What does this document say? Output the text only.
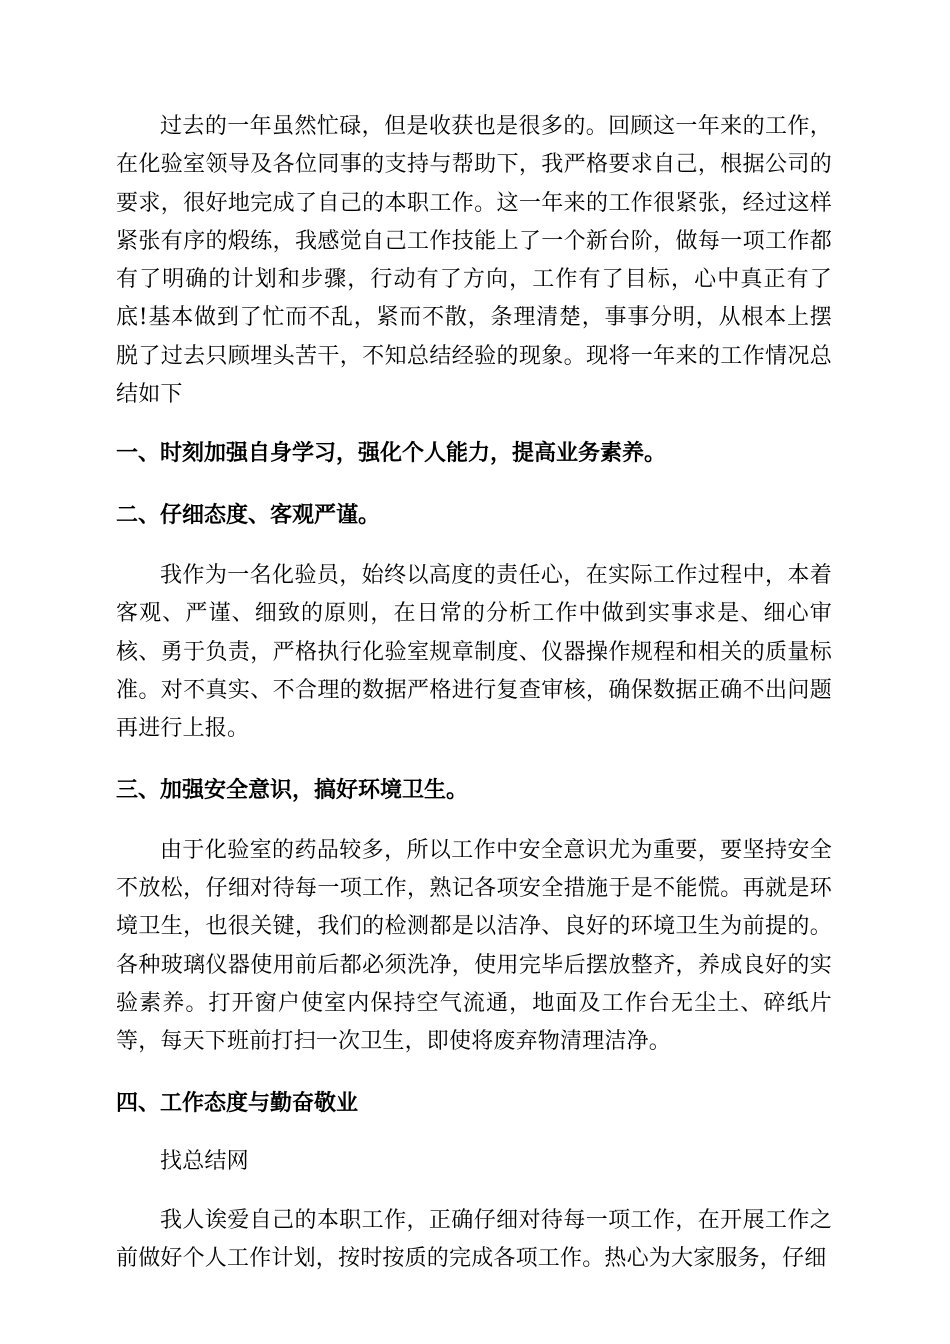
过去的一年虽然忙碌，但是收获也是很多的。回顾这一年来的工作，在化验室领导及各位同事的支持与帮助下，我严格要求自己，根据公司的要求，很好地完成了自己的本职工作。这一年来的工作很紧张，经过这样紧张有序的煅练，我感觉自己工作技能上了一个新台阶，做每一项工作都有了明确的计划和步骤，行动有了方向，工作有了目标，心中真正有了底!基本做到了忙而不乱，紧而不散，条理清楚，事事分明，从根本上摆脱了过去只顾埋头苦干，不知总结经验的现象。现将一年来的工作情况总结如下

一、时刻加强自身学习，强化个人能力，提高业务素养。

二、仔细态度、客观严谨。

我作为一名化验员，始终以高度的责任心，在实际工作过程中，本着客观、严谨、细致的原则，在日常的分析工作中做到实事求是、细心审核、勇于负责，严格执行化验室规章制度、仪器操作规程和相关的质量标准。对不真实、不合理的数据严格进行复查审核，确保数据正确不出问题再进行上报。

三、加强安全意识，搞好环境卫生。

由于化验室的药品较多，所以工作中安全意识尤为重要，要坚持安全不放松，仔细对待每一项工作，熟记各项安全措施于是不能慌。再就是环境卫生，也很关键，我们的检测都是以洁净、良好的环境卫生为前提的。各种玻璃仪器使用前后都必须洗净，使用完毕后摆放整齐，养成良好的实验素养。打开窗户使室内保持空气流通，地面及工作台无尘土、碎纸片等，每天下班前打扫一次卫生，即使将废弃物清理洁净。

四、工作态度与勤奋敬业

找总结网

我人诶爱自己的本职工作，正确仔细对待每一项工作，在开展工作之前做好个人工作计划，按时按质的完成各项工作。热心为大家服务，仔细
